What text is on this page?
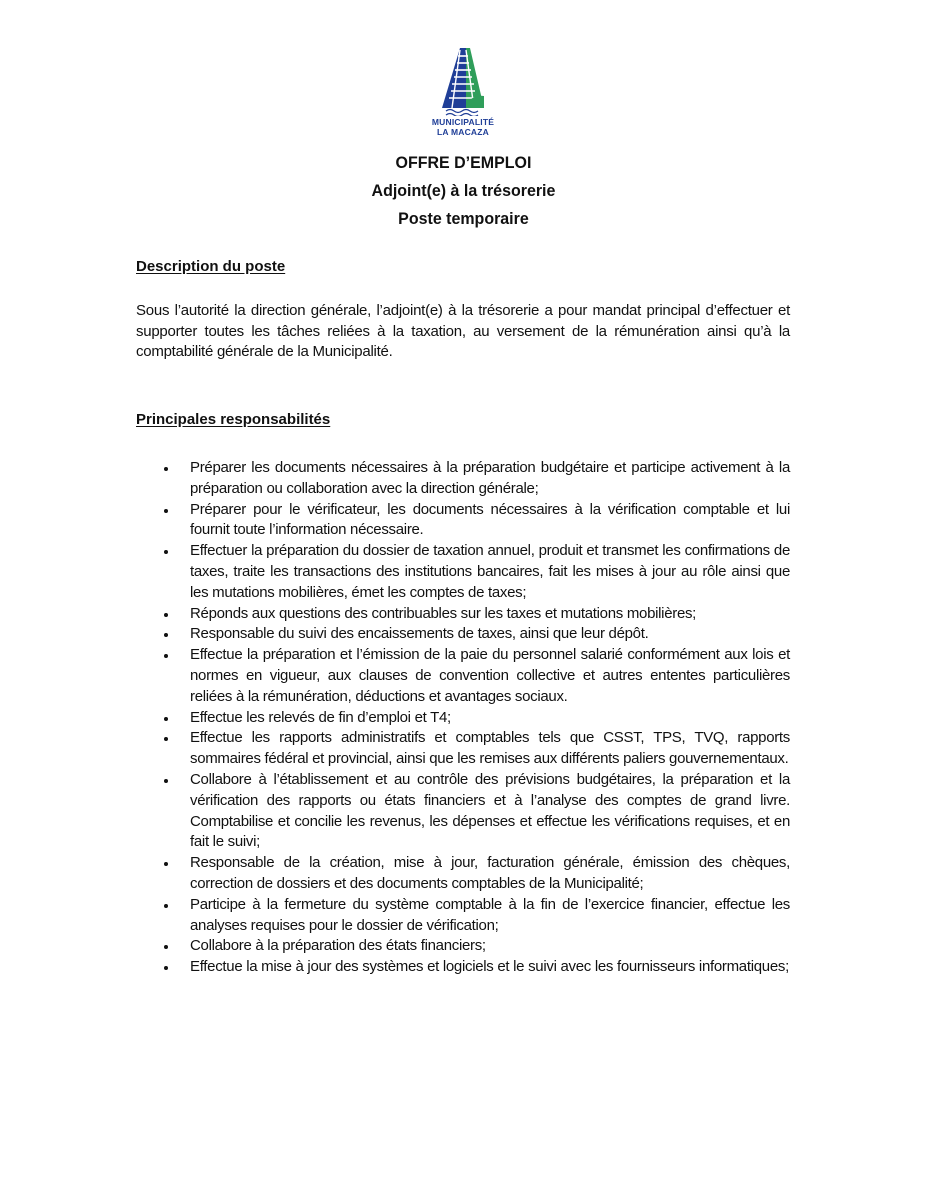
MUNICIPALITÉ
LA MACAZA
OFFRE D’EMPLOI
Adjoint(e) à la trésorerie
Poste temporaire
Description du poste
Sous l’autorité la direction générale, l’adjoint(e) à la trésorerie a pour mandat principal d’effectuer et supporter toutes les tâches reliées à la taxation, au versement de la rémunération ainsi qu’à la comptabilité générale de la Municipalité.
Principales responsabilités
Préparer les documents nécessaires à la préparation budgétaire et participe activement à la préparation ou collaboration avec la direction générale;
Préparer pour le vérificateur, les documents nécessaires à la vérification comptable et lui fournit toute l’information nécessaire.
Effectuer la préparation du dossier de taxation annuel, produit et transmet les confirmations de taxes, traite les transactions des institutions bancaires, fait les mises à jour au rôle ainsi que les mutations mobilières, émet les comptes de taxes;
Réponds aux questions des contribuables sur les taxes et mutations mobilières;
Responsable du suivi des encaissements de taxes, ainsi que leur dépôt.
Effectue la préparation et l’émission de la paie du personnel salarié conformément aux lois et normes en vigueur, aux clauses de convention collective et autres ententes particulières reliées à la rémunération, déductions et avantages sociaux.
Effectue les relevés de fin d’emploi et T4;
Effectue les rapports administratifs et comptables tels que CSST, TPS, TVQ, rapports sommaires fédéral et provincial, ainsi que les remises aux différents paliers gouvernementaux.
Collabore à l’établissement et au contrôle des prévisions budgétaires, la préparation et la vérification des rapports ou états financiers et à l’analyse des comptes de grand livre. Comptabilise et concilie les revenus, les dépenses et effectue les vérifications requises, et en fait le suivi;
Responsable de la création, mise à jour, facturation générale, émission des chèques, correction de dossiers et des documents comptables de la Municipalité;
Participe à la fermeture du système comptable à la fin de l’exercice financier, effectue les analyses requises pour le dossier de vérification;
Collabore à la préparation des états financiers;
Effectue la mise à jour des systèmes et logiciels et le suivi avec les fournisseurs informatiques;
